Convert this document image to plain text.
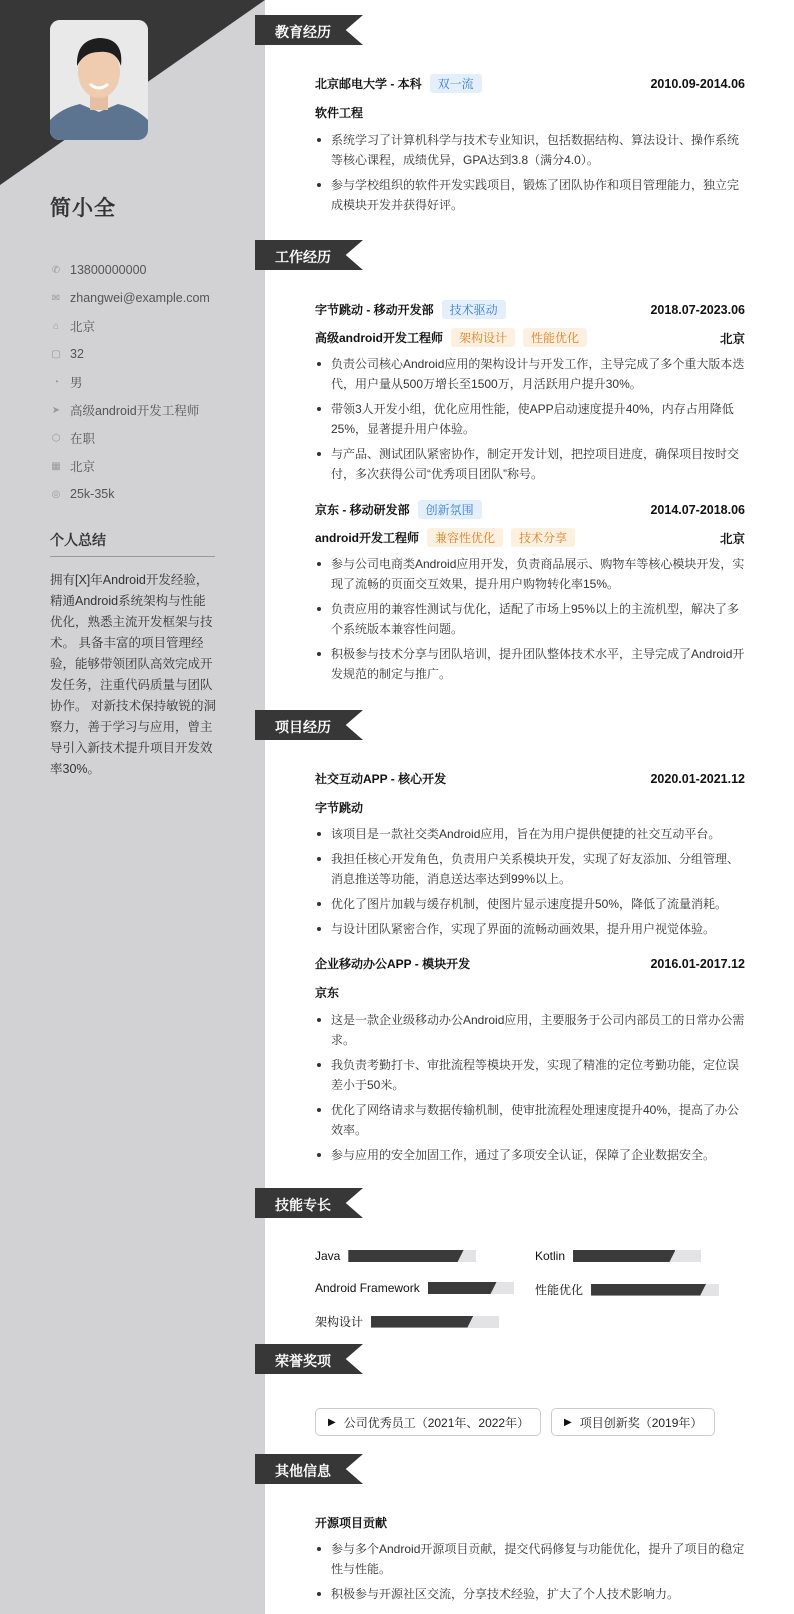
简小全
✆ 13800000000
✉ zhangwei@example.com
⌂ 北京
▢ 32
◔ 男
➤ 高级android开发工程师
⬡ 在职
▦ 北京
◎ 25k-35k
个人总结
拥有[X]年Android开发经验，精通Android系统架构与性能优化，熟悉主流开发框架与技术。 具备丰富的项目管理经验，能够带领团队高效完成开发任务，注重代码质量与团队协作。 对新技术保持敏锐的洞察力，善于学习与应用，曾主导引入新技术提升项目开发效率30%。
教育经历
北京邮电大学 - 本科	双一流	2010.09-2014.06
软件工程
系统学习了计算机科学与技术专业知识，包括数据结构、算法设计、操作系统等核心课程，成绩优异，GPA达到3.8（满分4.0）。
参与学校组织的软件开发实践项目，锻炼了团队协作和项目管理能力，独立完成模块开发并获得好评。
工作经历
字节跳动 - 移动开发部	技术驱动	2018.07-2023.06
高级android开发工程师	架构设计	性能优化	北京
负责公司核心Android应用的架构设计与开发工作，主导完成了多个重大版本迭代，用户量从500万增长至1500万，月活跃用户提升30%。
带领3人开发小组，优化应用性能，使APP启动速度提升40%，内存占用降低25%，显著提升用户体验。
与产品、测试团队紧密协作，制定开发计划，把控项目进度，确保项目按时交付，多次获得公司“优秀项目团队”称号。
京东 - 移动研发部	创新氛围	2014.07-2018.06
android开发工程师	兼容性优化	技术分享	北京
参与公司电商类Android应用开发，负责商品展示、购物车等核心模块开发，实现了流畅的页面交互效果，提升用户购物转化率15%。
负责应用的兼容性测试与优化，适配了市场上95%以上的主流机型，解决了多个系统版本兼容性问题。
积极参与技术分享与团队培训，提升团队整体技术水平，主导完成了Android开发规范的制定与推广。
项目经历
社交互动APP - 核心开发	2020.01-2021.12
字节跳动
该项目是一款社交类Android应用，旨在为用户提供便捷的社交互动平台。
我担任核心开发角色，负责用户关系模块开发，实现了好友添加、分组管理、消息推送等功能，消息送达率达到99%以上。
优化了图片加载与缓存机制，使图片显示速度提升50%，降低了流量消耗。
与设计团队紧密合作，实现了界面的流畅动画效果，提升用户视觉体验。
企业移动办公APP - 模块开发	2016.01-2017.12
京东
这是一款企业级移动办公Android应用，主要服务于公司内部员工的日常办公需求。
我负责考勤打卡、审批流程等模块开发，实现了精准的定位考勤功能，定位误差小于50米。
优化了网络请求与数据传输机制，使审批流程处理速度提升40%，提高了办公效率。
参与应用的安全加固工作，通过了多项安全认证，保障了企业数据安全。
技能专长
Java	Kotlin
Android Framework	性能优化
架构设计
荣誉奖项
▶ 公司优秀员工（2021年、2022年）	▶ 项目创新奖（2019年）
其他信息
开源项目贡献
参与多个Android开源项目贡献，提交代码修复与功能优化，提升了项目的稳定性与性能。
积极参与开源社区交流，分享技术经验，扩大了个人技术影响力。
